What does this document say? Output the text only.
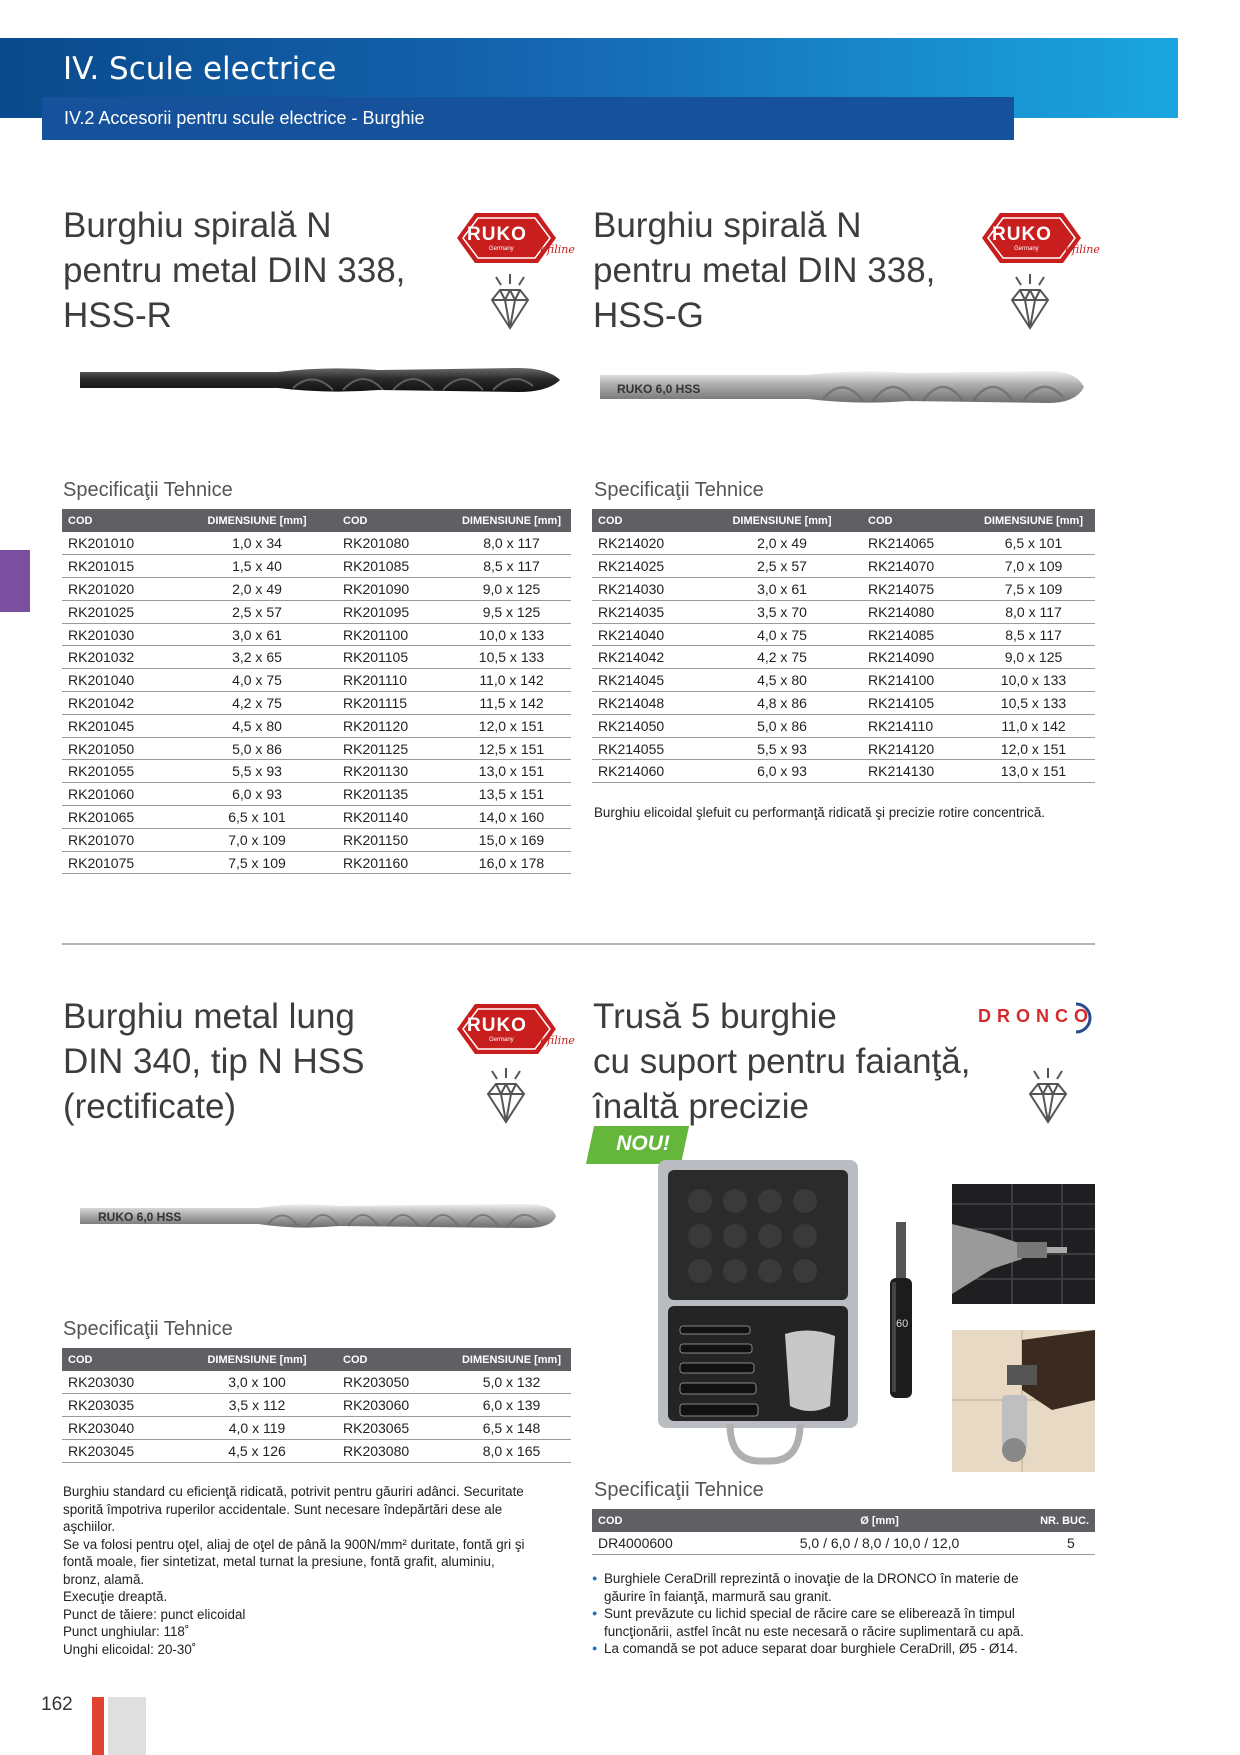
IV. Scule electrice
IV.2 Accesorii pentru scule electrice - Burghie
Burghiu spirală N
pentru metal DIN 338,
HSS-R
RUKO
Germany profiline
Specificaţii Tehnice
COD	DIMENSIUNE [mm]	COD	DIMENSIUNE [mm]
RK201010	1,0 x 34	RK201080	8,0 x 117
RK201015	1,5 x 40	RK201085	8,5 x 117
RK201020	2,0 x 49	RK201090	9,0 x 125
RK201025	2,5 x 57	RK201095	9,5 x 125
RK201030	3,0 x 61	RK201100	10,0 x 133
RK201032	3,2 x 65	RK201105	10,5 x 133
RK201040	4,0 x 75	RK201110	11,0 x 142
RK201042	4,2 x 75	RK201115	11,5 x 142
RK201045	4,5 x 80	RK201120	12,0 x 151
RK201050	5,0 x 86	RK201125	12,5 x 151
RK201055	5,5 x 93	RK201130	13,0 x 151
RK201060	6,0 x 93	RK201135	13,5 x 151
RK201065	6,5 x 101	RK201140	14,0 x 160
RK201070	7,0 x 109	RK201150	15,0 x 169
RK201075	7,5 x 109	RK201160	16,0 x 178
Burghiu spirală N
pentru metal DIN 338,
HSS-G
RUKO
Germany profiline
RUKO 6,0 HSS
Specificaţii Tehnice
COD	DIMENSIUNE [mm]	COD	DIMENSIUNE [mm]
RK214020	2,0 x 49	RK214065	6,5 x 101
RK214025	2,5 x 57	RK214070	7,0 x 109
RK214030	3,0 x 61	RK214075	7,5 x 109
RK214035	3,5 x 70	RK214080	8,0 x 117
RK214040	4,0 x 75	RK214085	8,5 x 117
RK214042	4,2 x 75	RK214090	9,0 x 125
RK214045	4,5 x 80	RK214100	10,0 x 133
RK214048	4,8 x 86	RK214105	10,5 x 133
RK214050	5,0 x 86	RK214110	11,0 x 142
RK214055	5,5 x 93	RK214120	12,0 x 151
RK214060	6,0 x 93	RK214130	13,0 x 151
Burghiu elicoidal şlefuit cu performanţă ridicată şi precizie rotire concentrică.
Burghiu metal lung
DIN 340, tip N HSS
(rectificate)
RUKO
Germany profiline
RUKO 6,0 HSS
Specificaţii Tehnice
COD	DIMENSIUNE [mm]	COD	DIMENSIUNE [mm]
RK203030	3,0 x 100	RK203050	5,0 x 132
RK203035	3,5 x 112	RK203060	6,0 x 139
RK203040	4,0 x 119	RK203065	6,5 x 148
RK203045	4,5 x 126	RK203080	8,0 x 165
Burghiu standard cu eficienţă ridicată, potrivit pentru găuriri adânci. Securitate
sporită împotriva ruperilor accidentale. Sunt necesare îndepărtări dese ale
aşchiilor.
Se va folosi pentru oţel, aliaj de oţel de până la 900N/mm² duritate, fontă gri şi
fontă moale, fier sintetizat, metal turnat la presiune, fontă grafit, aluminiu,
bronz, alamă.
Execuţie dreaptă.
Punct de tăiere: punct elicoidal
Punct unghiular: 118˚
Unghi elicoidal: 20-30˚
Trusă 5 burghie
cu suport pentru faianţă,
înaltă precizie
DRONCO
NOU!
60
Specificaţii Tehnice
COD	Ø [mm]	NR. BUC.
DR4000600	5,0 / 6,0 / 8,0 / 10,0 / 12,0	5
● Burghiele CeraDrill reprezintă o inovaţie de la DRONCO în materie de
găurire în faianţă, marmură sau granit.
● Sunt prevăzute cu lichid special de răcire care se eliberează în timpul
funcţionării, astfel încât nu este necesară o răcire suplimentară cu apă.
● La comandă se pot aduce separat doar burghiele CeraDrill, Ø5 - Ø14.
162
